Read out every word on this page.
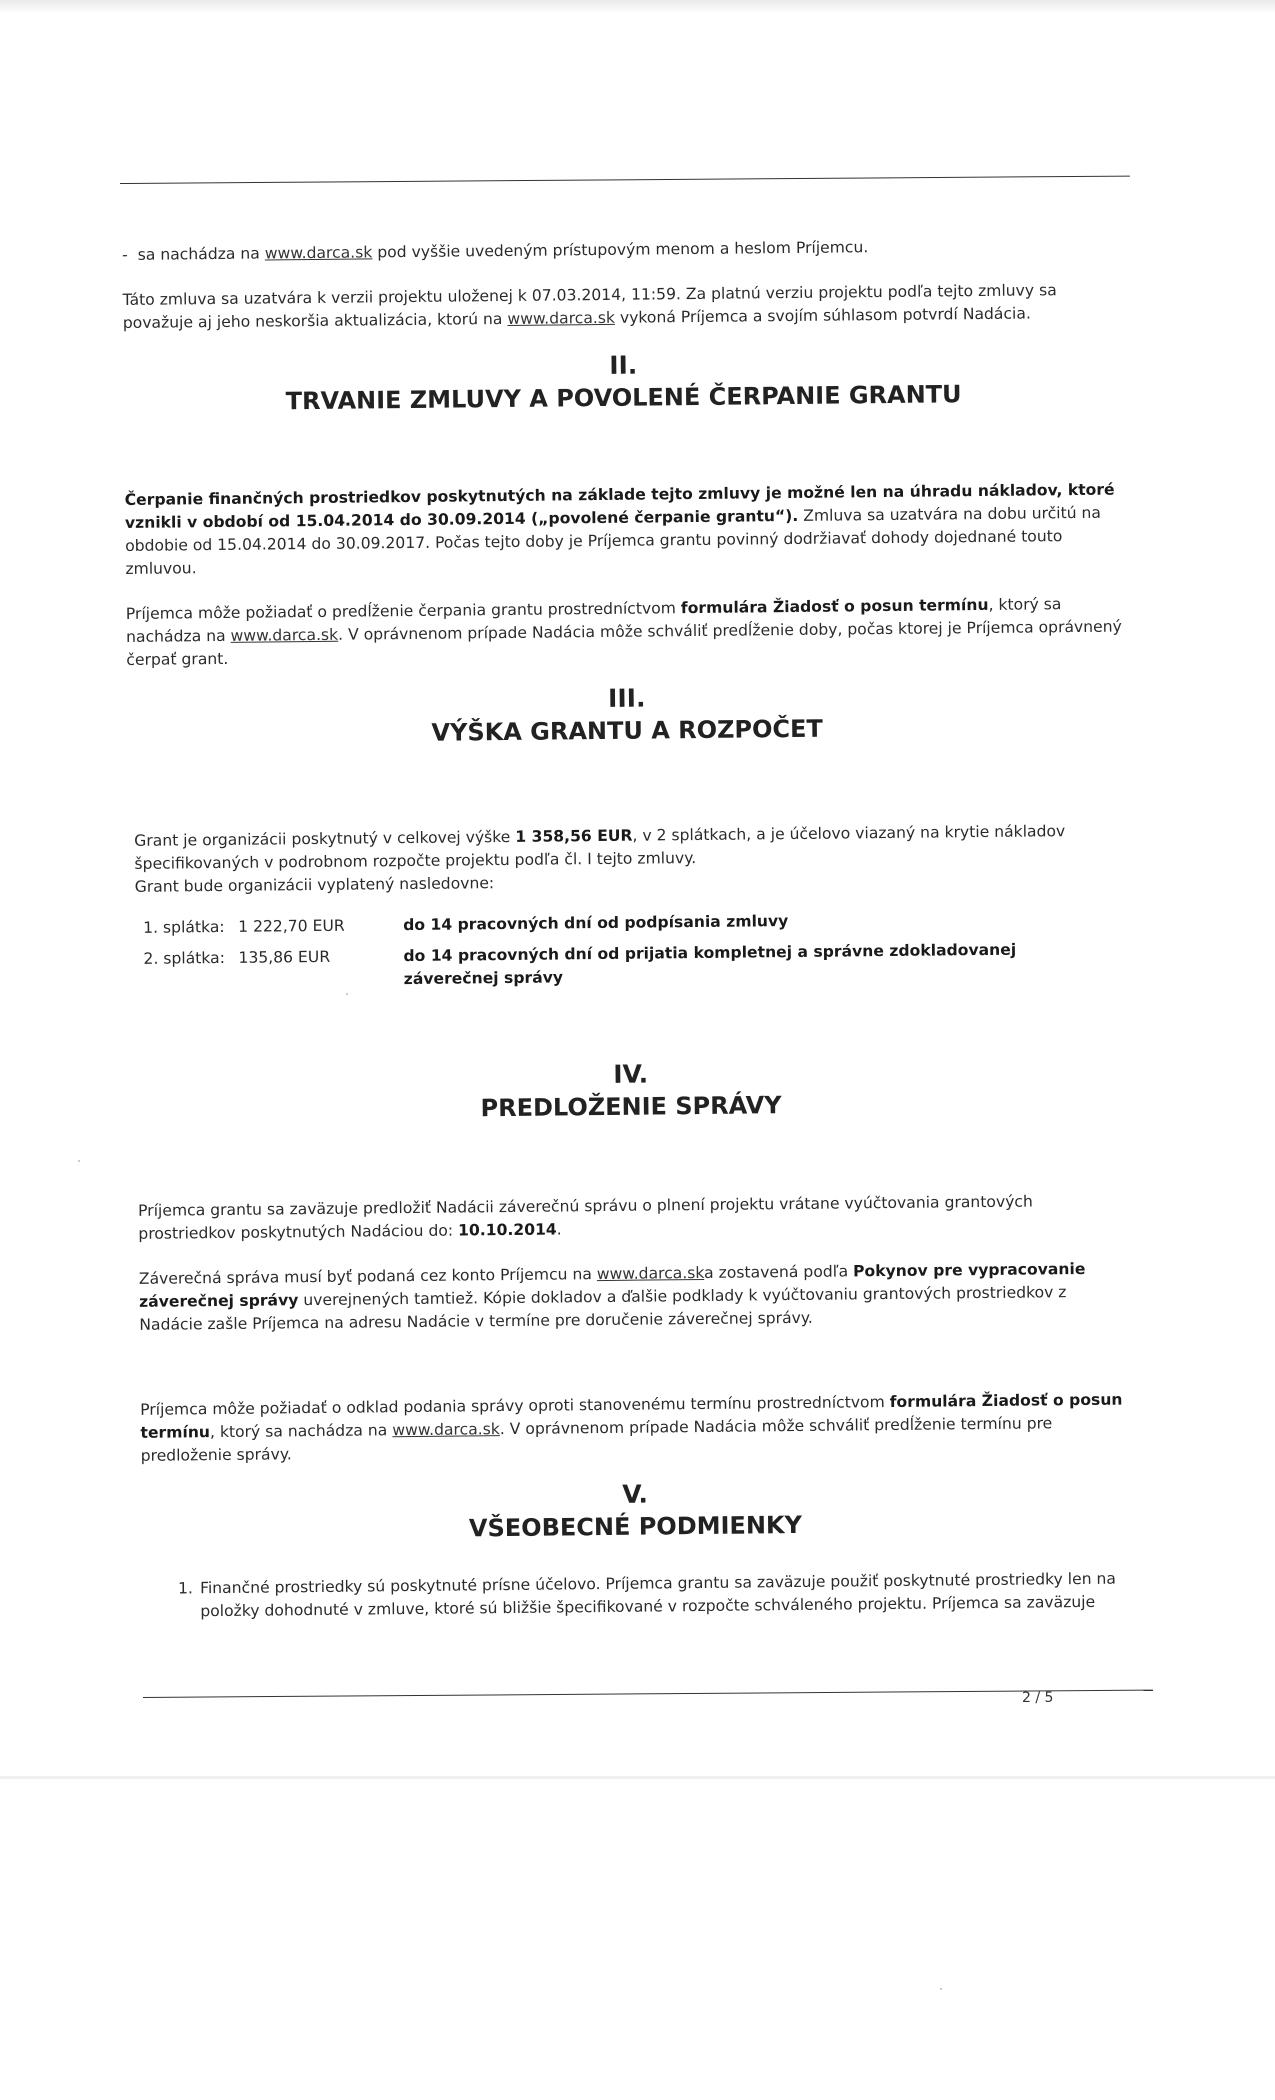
- sa nachádza na www.darca.sk pod vyššie uvedeným prístupovým menom a heslom Príjemcu.

Táto zmluva sa uzatvára k verzii projektu uloženej k 07.03.2014, 11:59. Za platnú verziu projektu podľa tejto zmluvy sa považuje aj jeho neskoršia aktualizácia, ktorú na www.darca.sk vykoná Príjemca a svojím súhlasom potvrdí Nadácia.

II.
TRVANIE ZMLUVY A POVOLENÉ ČERPANIE GRANTU

Čerpanie finančných prostriedkov poskytnutých na základe tejto zmluvy je možné len na úhradu nákladov, ktoré vznikli v období od 15.04.2014 do 30.09.2014 („povolené čerpanie grantu“). Zmluva sa uzatvára na dobu určitú na obdobie od 15.04.2014 do 30.09.2017. Počas tejto doby je Príjemca grantu povinný dodržiavať dohody dojednané touto zmluvou.

Príjemca môže požiadať o predĺženie čerpania grantu prostredníctvom formulára Žiadosť o posun termínu, ktorý sa nachádza na www.darca.sk. V oprávnenom prípade Nadácia môže schváliť predĺženie doby, počas ktorej je Príjemca oprávnený čerpať grant.

III.
VÝŠKA GRANTU A ROZPOČET

Grant je organizácii poskytnutý v celkovej výške 1 358,56 EUR, v 2 splátkach, a je účelovo viazaný na krytie nákladov špecifikovaných v podrobnom rozpočte projektu podľa čl. I tejto zmluvy.
Grant bude organizácii vyplatený nasledovne:

1. splátka: 1 222,70 EUR	do 14 pracovných dní od podpísania zmluvy
2. splátka: 135,86 EUR	do 14 pracovných dní od prijatia kompletnej a správne zdokladovanej záverečnej správy
IV.
PREDLOŽENIE SPRÁVY

Príjemca grantu sa zaväzuje predložiť Nadácii záverečnú správu o plnení projektu vrátane vyúčtovania grantových prostriedkov poskytnutých Nadáciou do: 10.10.2014.

Záverečná správa musí byť podaná cez konto Príjemcu na www.darca.ska zostavená podľa Pokynov pre vypracovanie záverečnej správy uverejnených tamtiež. Kópie dokladov a ďalšie podklady k vyúčtovaniu grantových prostriedkov z Nadácie zašle Príjemca na adresu Nadácie v termíne pre doručenie záverečnej správy.

Príjemca môže požiadať o odklad podania správy oproti stanovenému termínu prostredníctvom formulára Žiadosť o posun termínu, ktorý sa nachádza na www.darca.sk. V oprávnenom prípade Nadácia môže schváliť predĺženie termínu pre predloženie správy.

V.
VŠEOBECNÉ PODMIENKY
1. Finančné prostriedky sú poskytnuté prísne účelovo. Príjemca grantu sa zaväzuje použiť poskytnuté prostriedky len na položky dohodnuté v zmluve, ktoré sú bližšie špecifikované v rozpočte schváleného projektu. Príjemca sa zaväzuje
2 / 5
